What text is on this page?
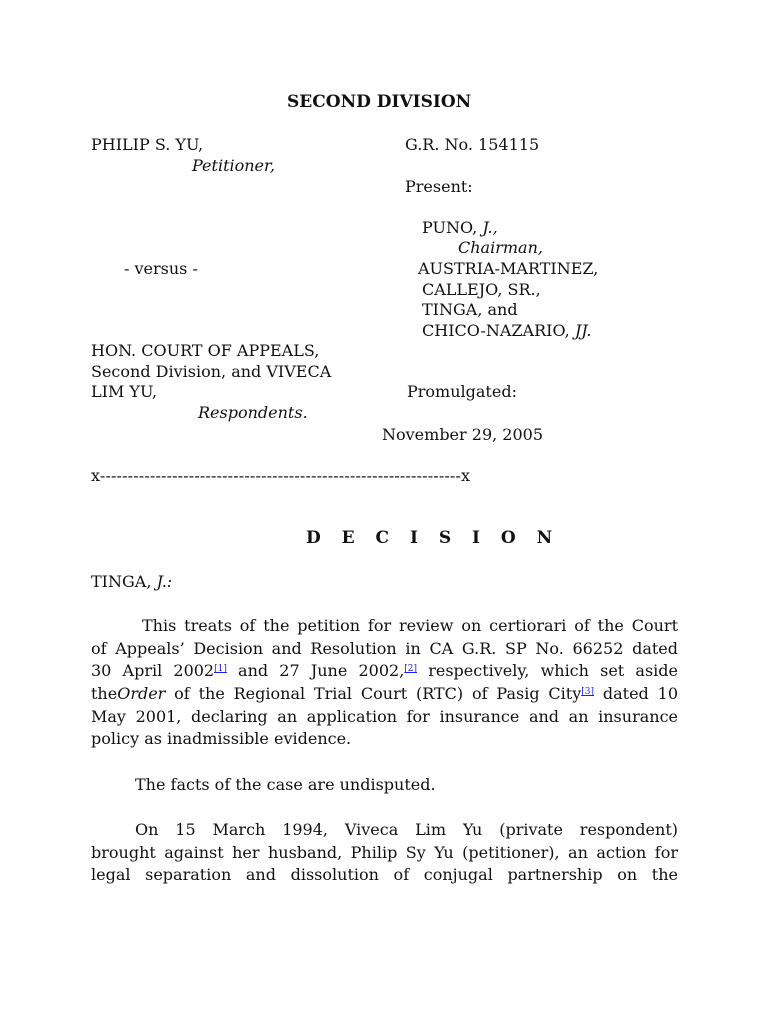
SECOND DIVISION
PHILIP S. YU,
Petitioner,
- versus -
HON. COURT OF APPEALS,
Second Division, and VIVECA
LIM YU,
Respondents.
G.R. No. 154115
Present:
PUNO, J.,
Chairman,
AUSTRIA-MARTINEZ,
CALLEJO, SR.,
TINGA, and
CHICO-NAZARIO, JJ.
Promulgated:
November 29, 2005
x-----------------------------------------------------------------x
D E C I S I O N
TINGA, J.:
This treats of the petition for review on certiorari of the Court
of Appeals’ Decision and Resolution in CA G.R. SP No. 66252 dated
30 April 2002[1] and 27 June 2002,[2] respectively, which set aside
theOrder of the Regional Trial Court (RTC) of Pasig City[3] dated 10
May 2001, declaring an application for insurance and an insurance
policy as inadmissible evidence.
The facts of the case are undisputed.
On 15 March 1994, Viveca Lim Yu (private respondent)
brought against her husband, Philip Sy Yu (petitioner), an action for
legal separation and dissolution of conjugal partnership on the
